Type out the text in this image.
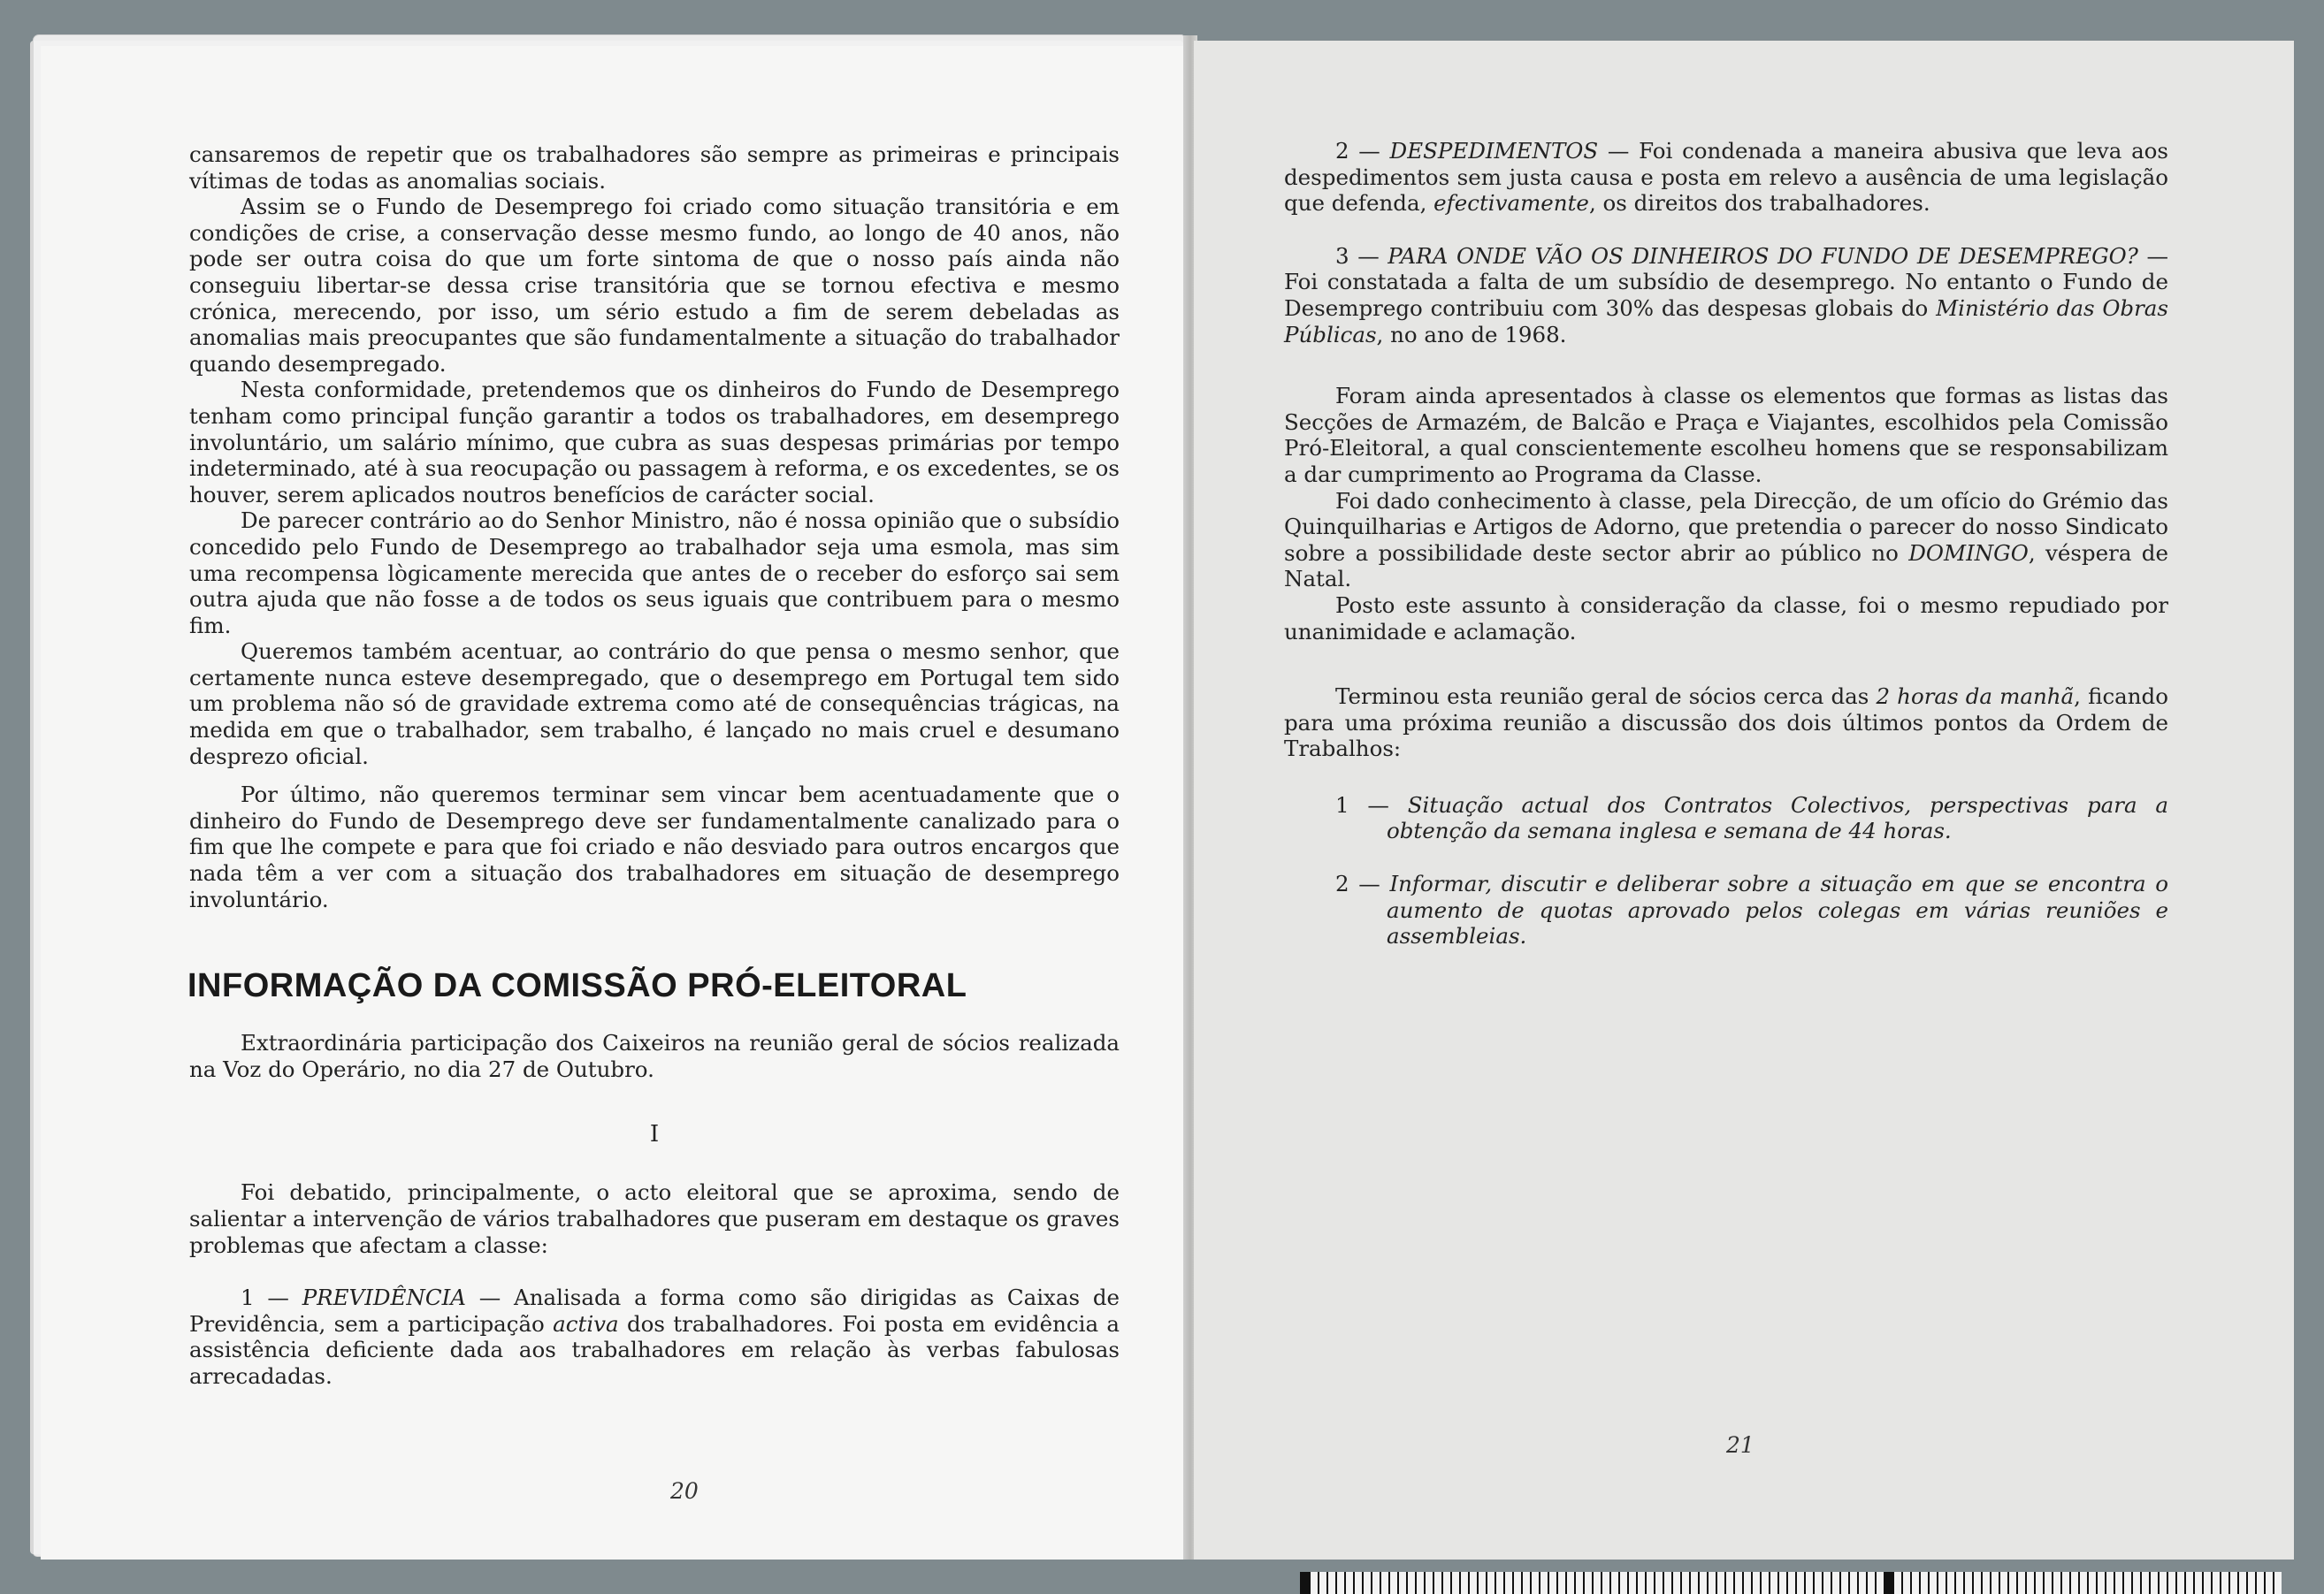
cansaremos de repetir que os trabalhadores são sempre as primeiras e principais vítimas de todas as anomalias sociais.

Assim se o Fundo de Desemprego foi criado como situação transitória e em condições de crise, a conservação desse mesmo fundo, ao longo de 40 anos, não pode ser outra coisa do que um forte sintoma de que o nosso país ainda não conseguiu libertar-se dessa crise transitória que se tornou efectiva e mesmo crónica, merecendo, por isso, um sério estudo a fim de serem debeladas as anomalias mais preocupantes que são fundamentalmente a situação do trabalhador quando desempregado.

Nesta conformidade, pretendemos que os dinheiros do Fundo de Desemprego tenham como principal função garantir a todos os trabalhadores, em desemprego involuntário, um salário mínimo, que cubra as suas despesas primárias por tempo indeterminado, até à sua reocupação ou passagem à reforma, e os excedentes, se os houver, serem aplicados noutros benefícios de carácter social.

De parecer contrário ao do Senhor Ministro, não é nossa opinião que o subsídio concedido pelo Fundo de Desemprego ao trabalhador seja uma esmola, mas sim uma recompensa lògicamente merecida que antes de o receber do esforço sai sem outra ajuda que não fosse a de todos os seus iguais que contribuem para o mesmo fim.

Queremos também acentuar, ao contrário do que pensa o mesmo senhor, que certamente nunca esteve desempregado, que o desemprego em Portugal tem sido um problema não só de gravidade extrema como até de consequências trágicas, na medida em que o trabalhador, sem trabalho, é lançado no mais cruel e desumano desprezo oficial.

Por último, não queremos terminar sem vincar bem acentuadamente que o dinheiro do Fundo de Desemprego deve ser fundamentalmente canalizado para o fim que lhe compete e para que foi criado e não desviado para outros encargos que nada têm a ver com a situação dos trabalhadores em situação de desemprego involuntário.

INFORMAÇÃO DA COMISSÃO PRÓ-ELEITORAL

Extraordinária participação dos Caixeiros na reunião geral de sócios realizada na Voz do Operário, no dia 27 de Outubro.

I

Foi debatido, principalmente, o acto eleitoral que se aproxima, sendo de salientar a intervenção de vários trabalhadores que puseram em destaque os graves problemas que afectam a classe:

1 — PREVIDÊNCIA — Analisada a forma como são dirigidas as Caixas de Previdência, sem a participação activa dos trabalhadores. Foi posta em evidência a assistência deficiente dada aos trabalhadores em relação às verbas fabulosas arrecadadas.

20

2 — DESPEDIMENTOS — Foi condenada a maneira abusiva que leva aos despedimentos sem justa causa e posta em relevo a ausência de uma legislação que defenda, efectivamente, os direitos dos trabalhadores.

3 — PARA ONDE VÃO OS DINHEIROS DO FUNDO DE DESEMPREGO? — Foi constatada a falta de um subsídio de desemprego. No entanto o Fundo de Desemprego contribuiu com 30% das despesas globais do Ministério das Obras Públicas, no ano de 1968.

Foram ainda apresentados à classe os elementos que formas as listas das Secções de Armazém, de Balcão e Praça e Viajantes, escolhidos pela Comissão Pró-Eleitoral, a qual conscientemente escolheu homens que se responsabilizam a dar cumprimento ao Programa da Classe.

Foi dado conhecimento à classe, pela Direcção, de um ofício do Grémio das Quinquilharias e Artigos de Adorno, que pretendia o parecer do nosso Sindicato sobre a possibilidade deste sector abrir ao público no DOMINGO, véspera de Natal.

Posto este assunto à consideração da classe, foi o mesmo repudiado por unanimidade e aclamação.

Terminou esta reunião geral de sócios cerca das 2 horas da manhã, ficando para uma próxima reunião a discussão dos dois últimos pontos da Ordem de Trabalhos:

1 — Situação actual dos Contratos Colectivos, perspectivas para a obtenção da semana inglesa e semana de 44 horas.

2 — Informar, discutir e deliberar sobre a situação em que se encontra o aumento de quotas aprovado pelos colegas em várias reuniões e assembleias.

21
